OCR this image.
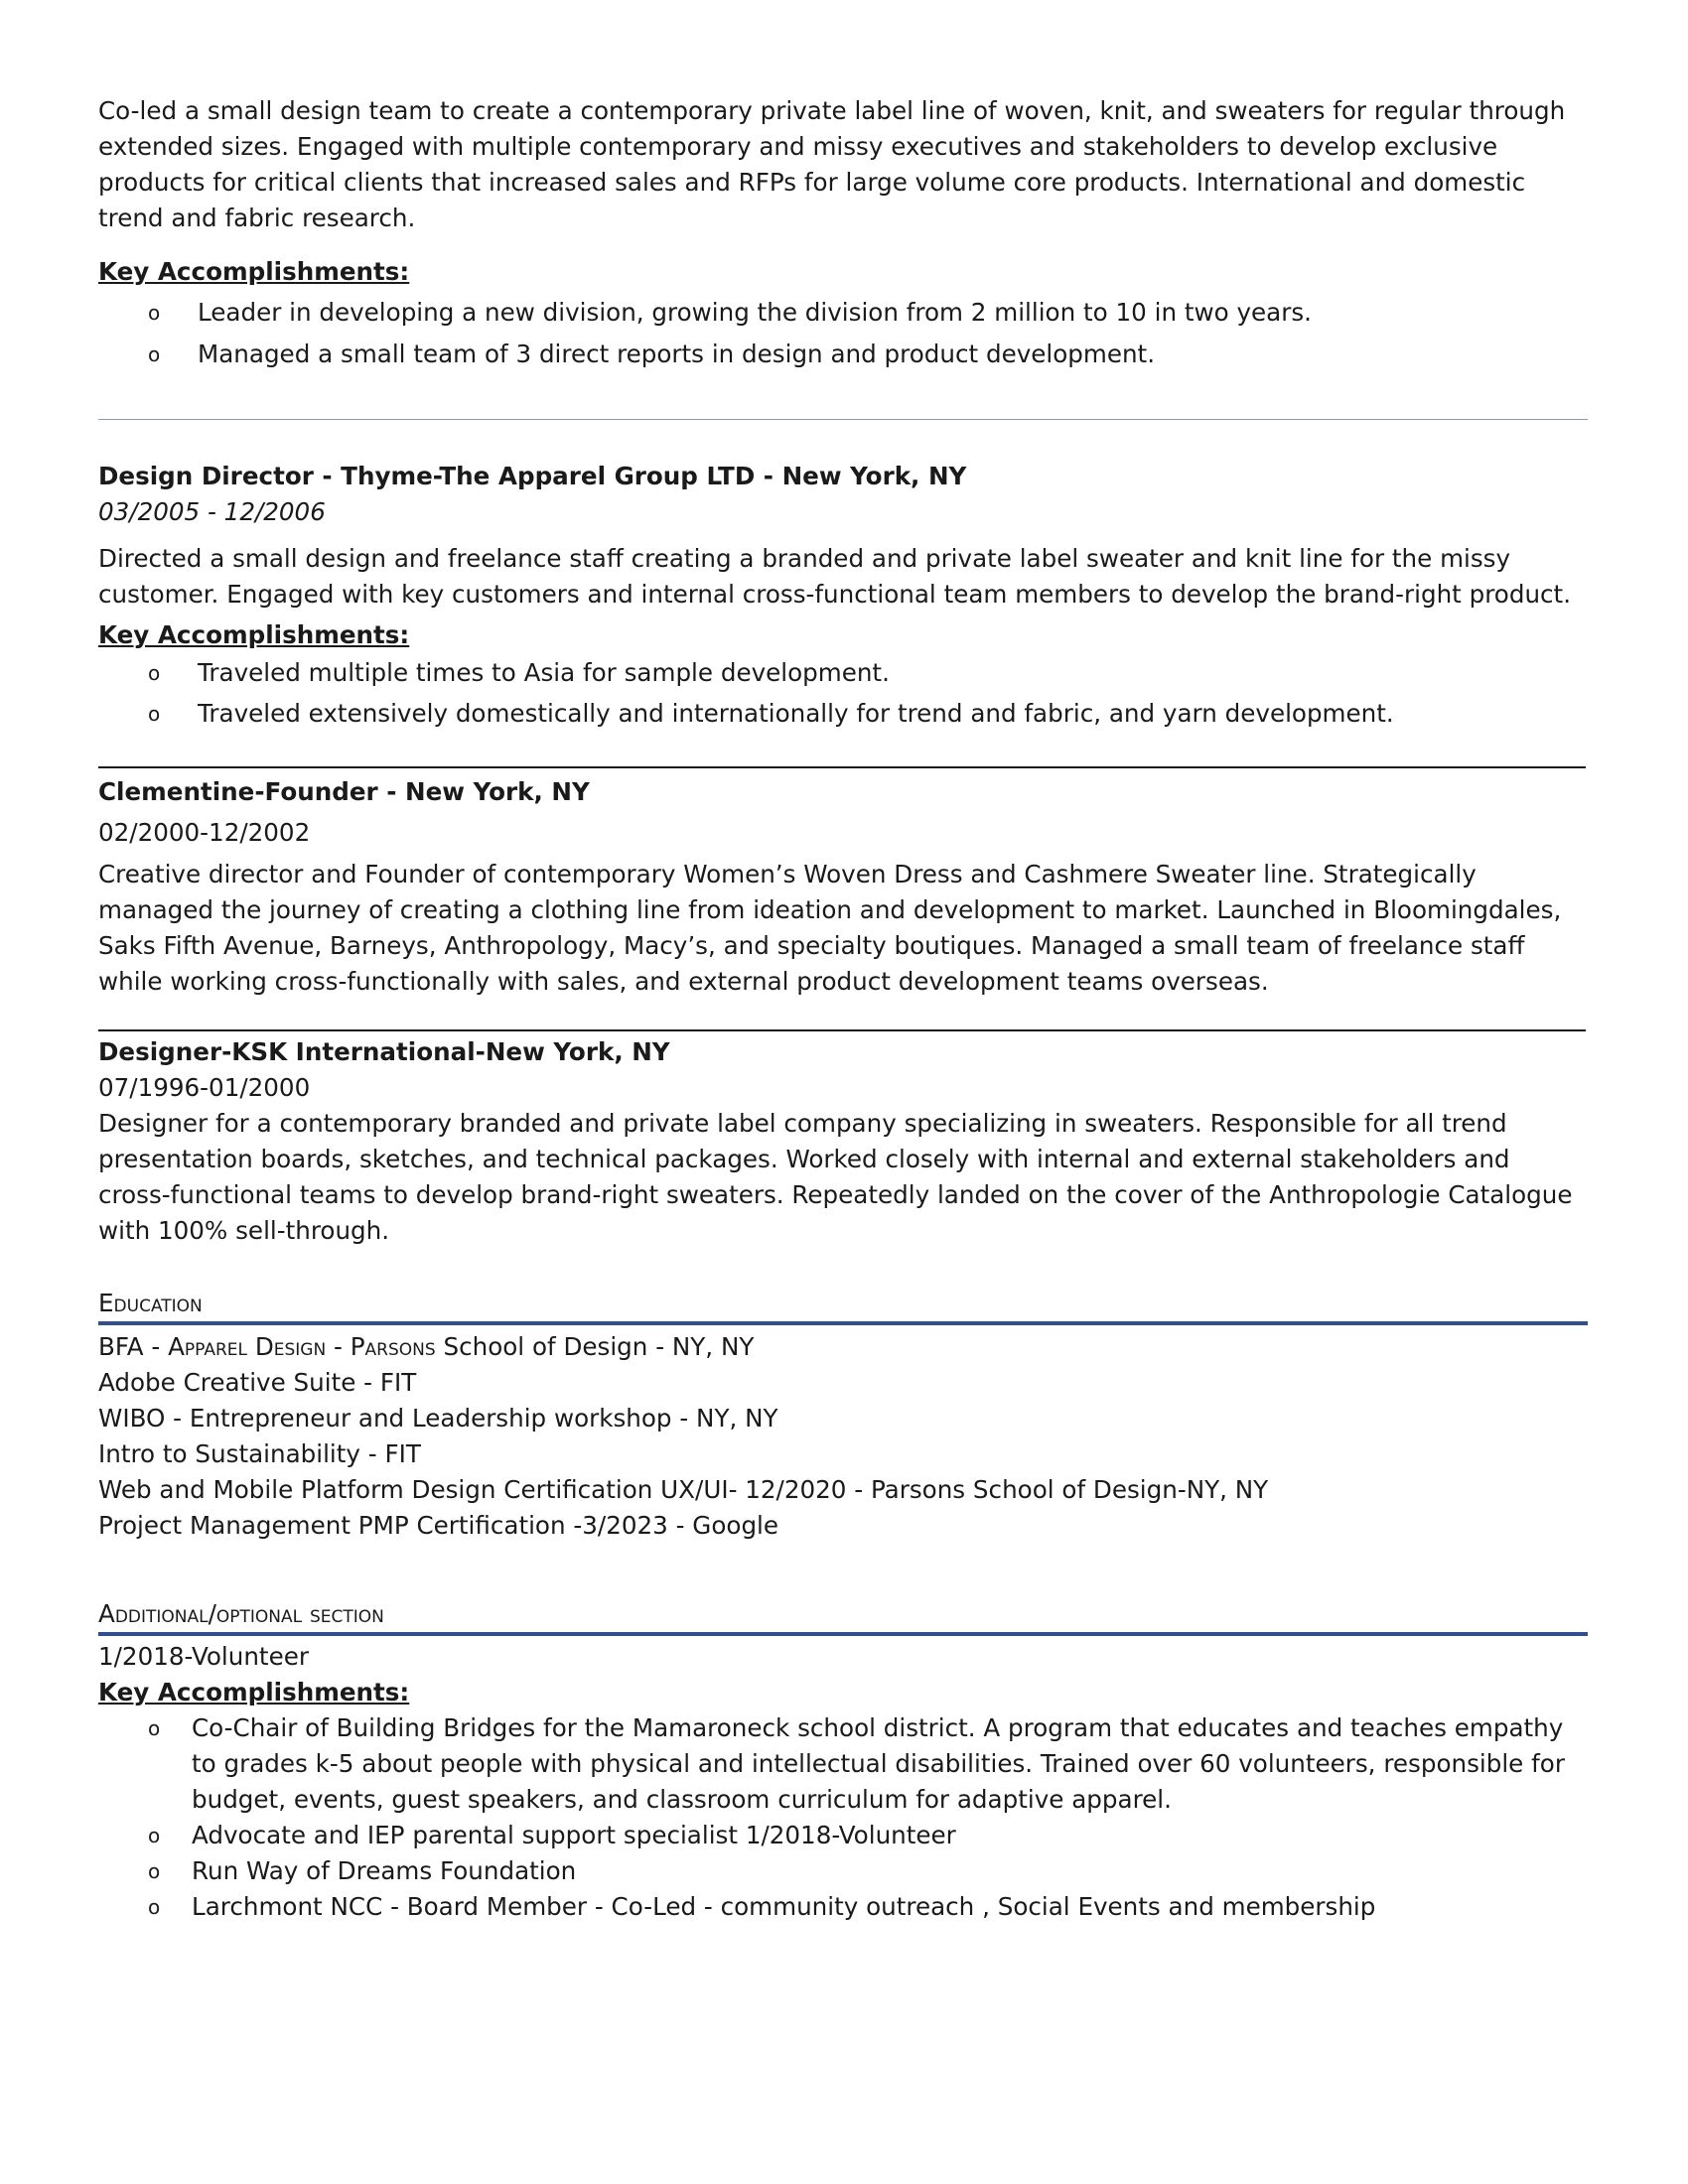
Co-led a small design team to create a contemporary private label line of woven, knit, and sweaters for regular through extended sizes. Engaged with multiple contemporary and missy executives and stakeholders to develop exclusive products for critical clients that increased sales and RFPs for large volume core products. International and domestic trend and fabric research.

Key Accomplishments:
o Leader in developing a new division, growing the division from 2 million to 10 in two years.
o Managed a small team of 3 direct reports in design and product development.
Design Director - Thyme-The Apparel Group LTD - New York, NY
03/2005 - 12/2006

Directed a small design and freelance staff creating a branded and private label sweater and knit line for the missy customer. Engaged with key customers and internal cross-functional team members to develop the brand-right product.

Key Accomplishments:
o Traveled multiple times to Asia for sample development.
o Traveled extensively domestically and internationally for trend and fabric, and yarn development.
Clementine-Founder - New York, NY
02/2000-12/2002

Creative director and Founder of contemporary Women’s Woven Dress and Cashmere Sweater line. Strategically managed the journey of creating a clothing line from ideation and development to market. Launched in Bloomingdales, Saks Fifth Avenue, Barneys, Anthropology, Macy’s, and specialty boutiques. Managed a small team of freelance staff while working cross-functionally with sales, and external product development teams overseas.

Designer-KSK International-New York, NY
07/1996-01/2000

Designer for a contemporary branded and private label company specializing in sweaters. Responsible for all trend presentation boards, sketches, and technical packages. Worked closely with internal and external stakeholders and cross-functional teams to develop brand-right sweaters. Repeatedly landed on the cover of the Anthropologie Catalogue with 100% sell-through.

Education
BFA - Apparel Design - Parsons School of Design - NY, NY
Adobe Creative Suite - FIT
WIBO - Entrepreneur and Leadership workshop - NY, NY
Intro to Sustainability - FIT
Web and Mobile Platform Design Certification UX/UI- 12/2020 - Parsons School of Design-NY, NY
Project Management PMP Certification -3/2023 - Google
Additional/optional section
1/2018-Volunteer
Key Accomplishments:
o Co-Chair of Building Bridges for the Mamaroneck school district. A program that educates and teaches empathy to grades k-5 about people with physical and intellectual disabilities. Trained over 60 volunteers, responsible for budget, events, guest speakers, and classroom curriculum for adaptive apparel.
o Advocate and IEP parental support specialist 1/2018-Volunteer
o Run Way of Dreams Foundation
o Larchmont NCC - Board Member - Co-Led - community outreach , Social Events and membership
